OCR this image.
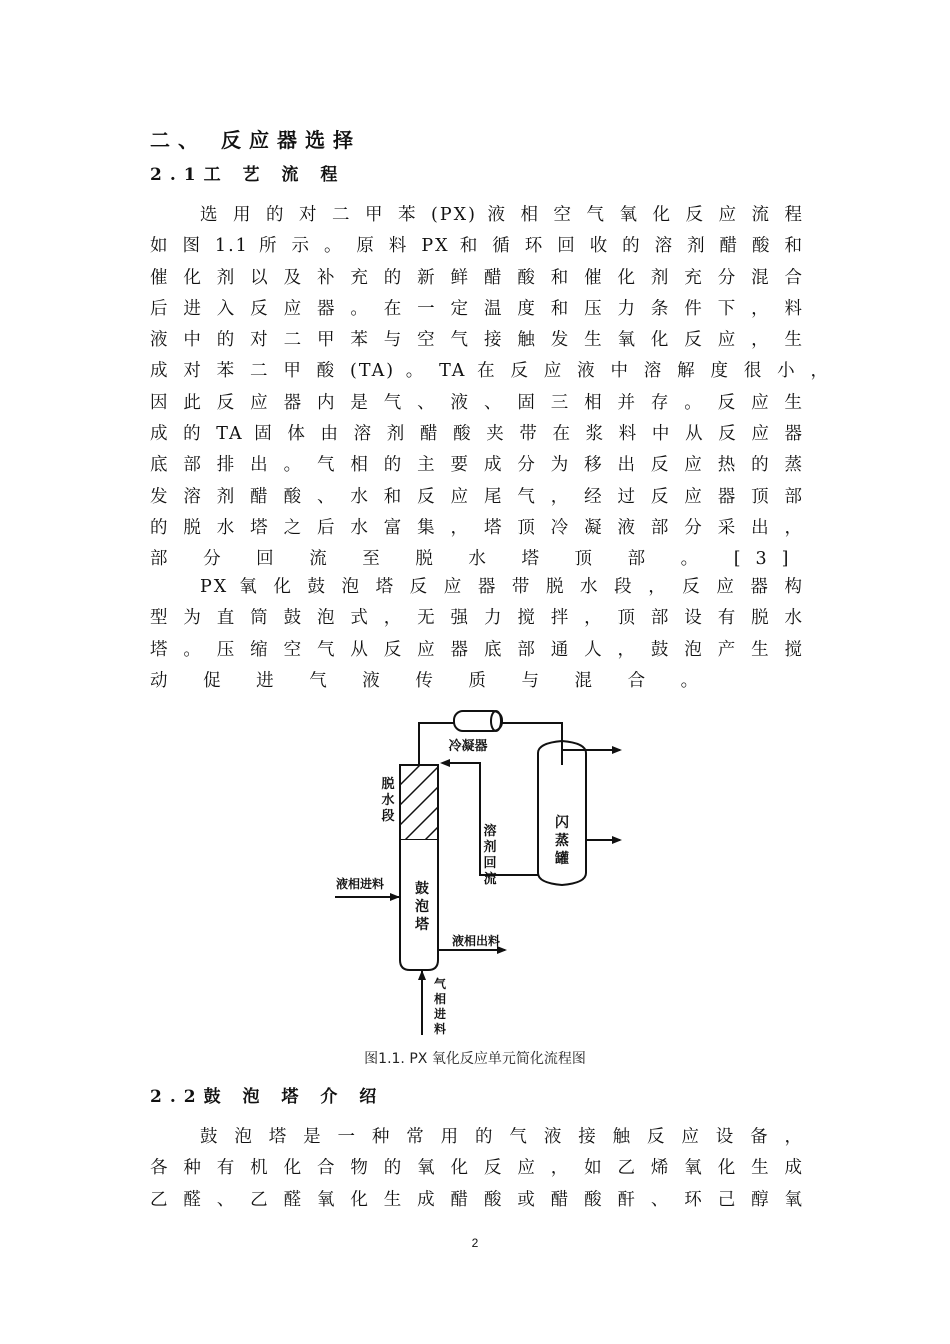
二、 反应器选择
2.1工 艺 流 程
选 用 的 对 二 甲 苯 (PX) 液 相 空 气 氧 化 反 应 流 程
如 图 1.1 所 示 。 原 料 PX 和 循 环 回 收 的 溶 剂 醋 酸 和
催 化 剂 以 及 补 充 的 新 鲜 醋 酸 和 催 化 剂 充 分 混 合
后 进 入 反 应 器 。 在 一 定 温 度 和 压 力 条 件 下 ， 料
液 中 的 对 二 甲 苯 与 空 气 接 触 发 生 氧 化 反 应 ， 生
成 对 苯 二 甲 酸 (TA) 。 TA 在 反 应 液 中 溶 解 度 很 小 ，
因 此 反 应 器 内 是 气 、 液 、 固 三 相 并 存 。 反 应 生
成 的 TA 固 体 由 溶 剂 醋 酸 夹 带 在 浆 料 中 从 反 应 器
底 部 排 出 。 气 相 的 主 要 成 分 为 移 出 反 应 热 的 蒸
发 溶 剂 醋 酸 、 水 和 反 应 尾 气 ， 经 过 反 应 器 顶 部
的 脱 水 塔 之 后 水 富 集 ， 塔 顶 冷 凝 液 部 分 采 出 ，
部 分 回 流 至 脱 水 塔 顶 部 。 [3]
PX 氧 化 鼓 泡 塔 反 应 器 带 脱 水 段 ， 反 应 器 构
型 为 直 筒 鼓 泡 式 ， 无 强 力 搅 拌 ， 顶 部 设 有 脱 水
塔 。 压 缩 空 气 从 反 应 器 底 部 通 人 ， 鼓 泡 产 生 搅
动 促 进 气 液 传 质 与 混 合 。
冷凝器
脱
水
段	闪
蒸
罐
溶
剂
回
流
液相进料 鼓
泡
塔
液相出料
气
相
进
料
图1.1. PX 氧化反应单元简化流程图
2.2鼓 泡 塔 介 绍
鼓 泡 塔 是 一 种 常 用 的 气 液 接 触 反 应 设 备 ，
各 种 有 机 化 合 物 的 氧 化 反 应 ， 如 乙 烯 氧 化 生 成
乙 醛 、 乙 醛 氧 化 生 成 醋 酸 或 醋 酸 酐 、 环 己 醇 氧
2
